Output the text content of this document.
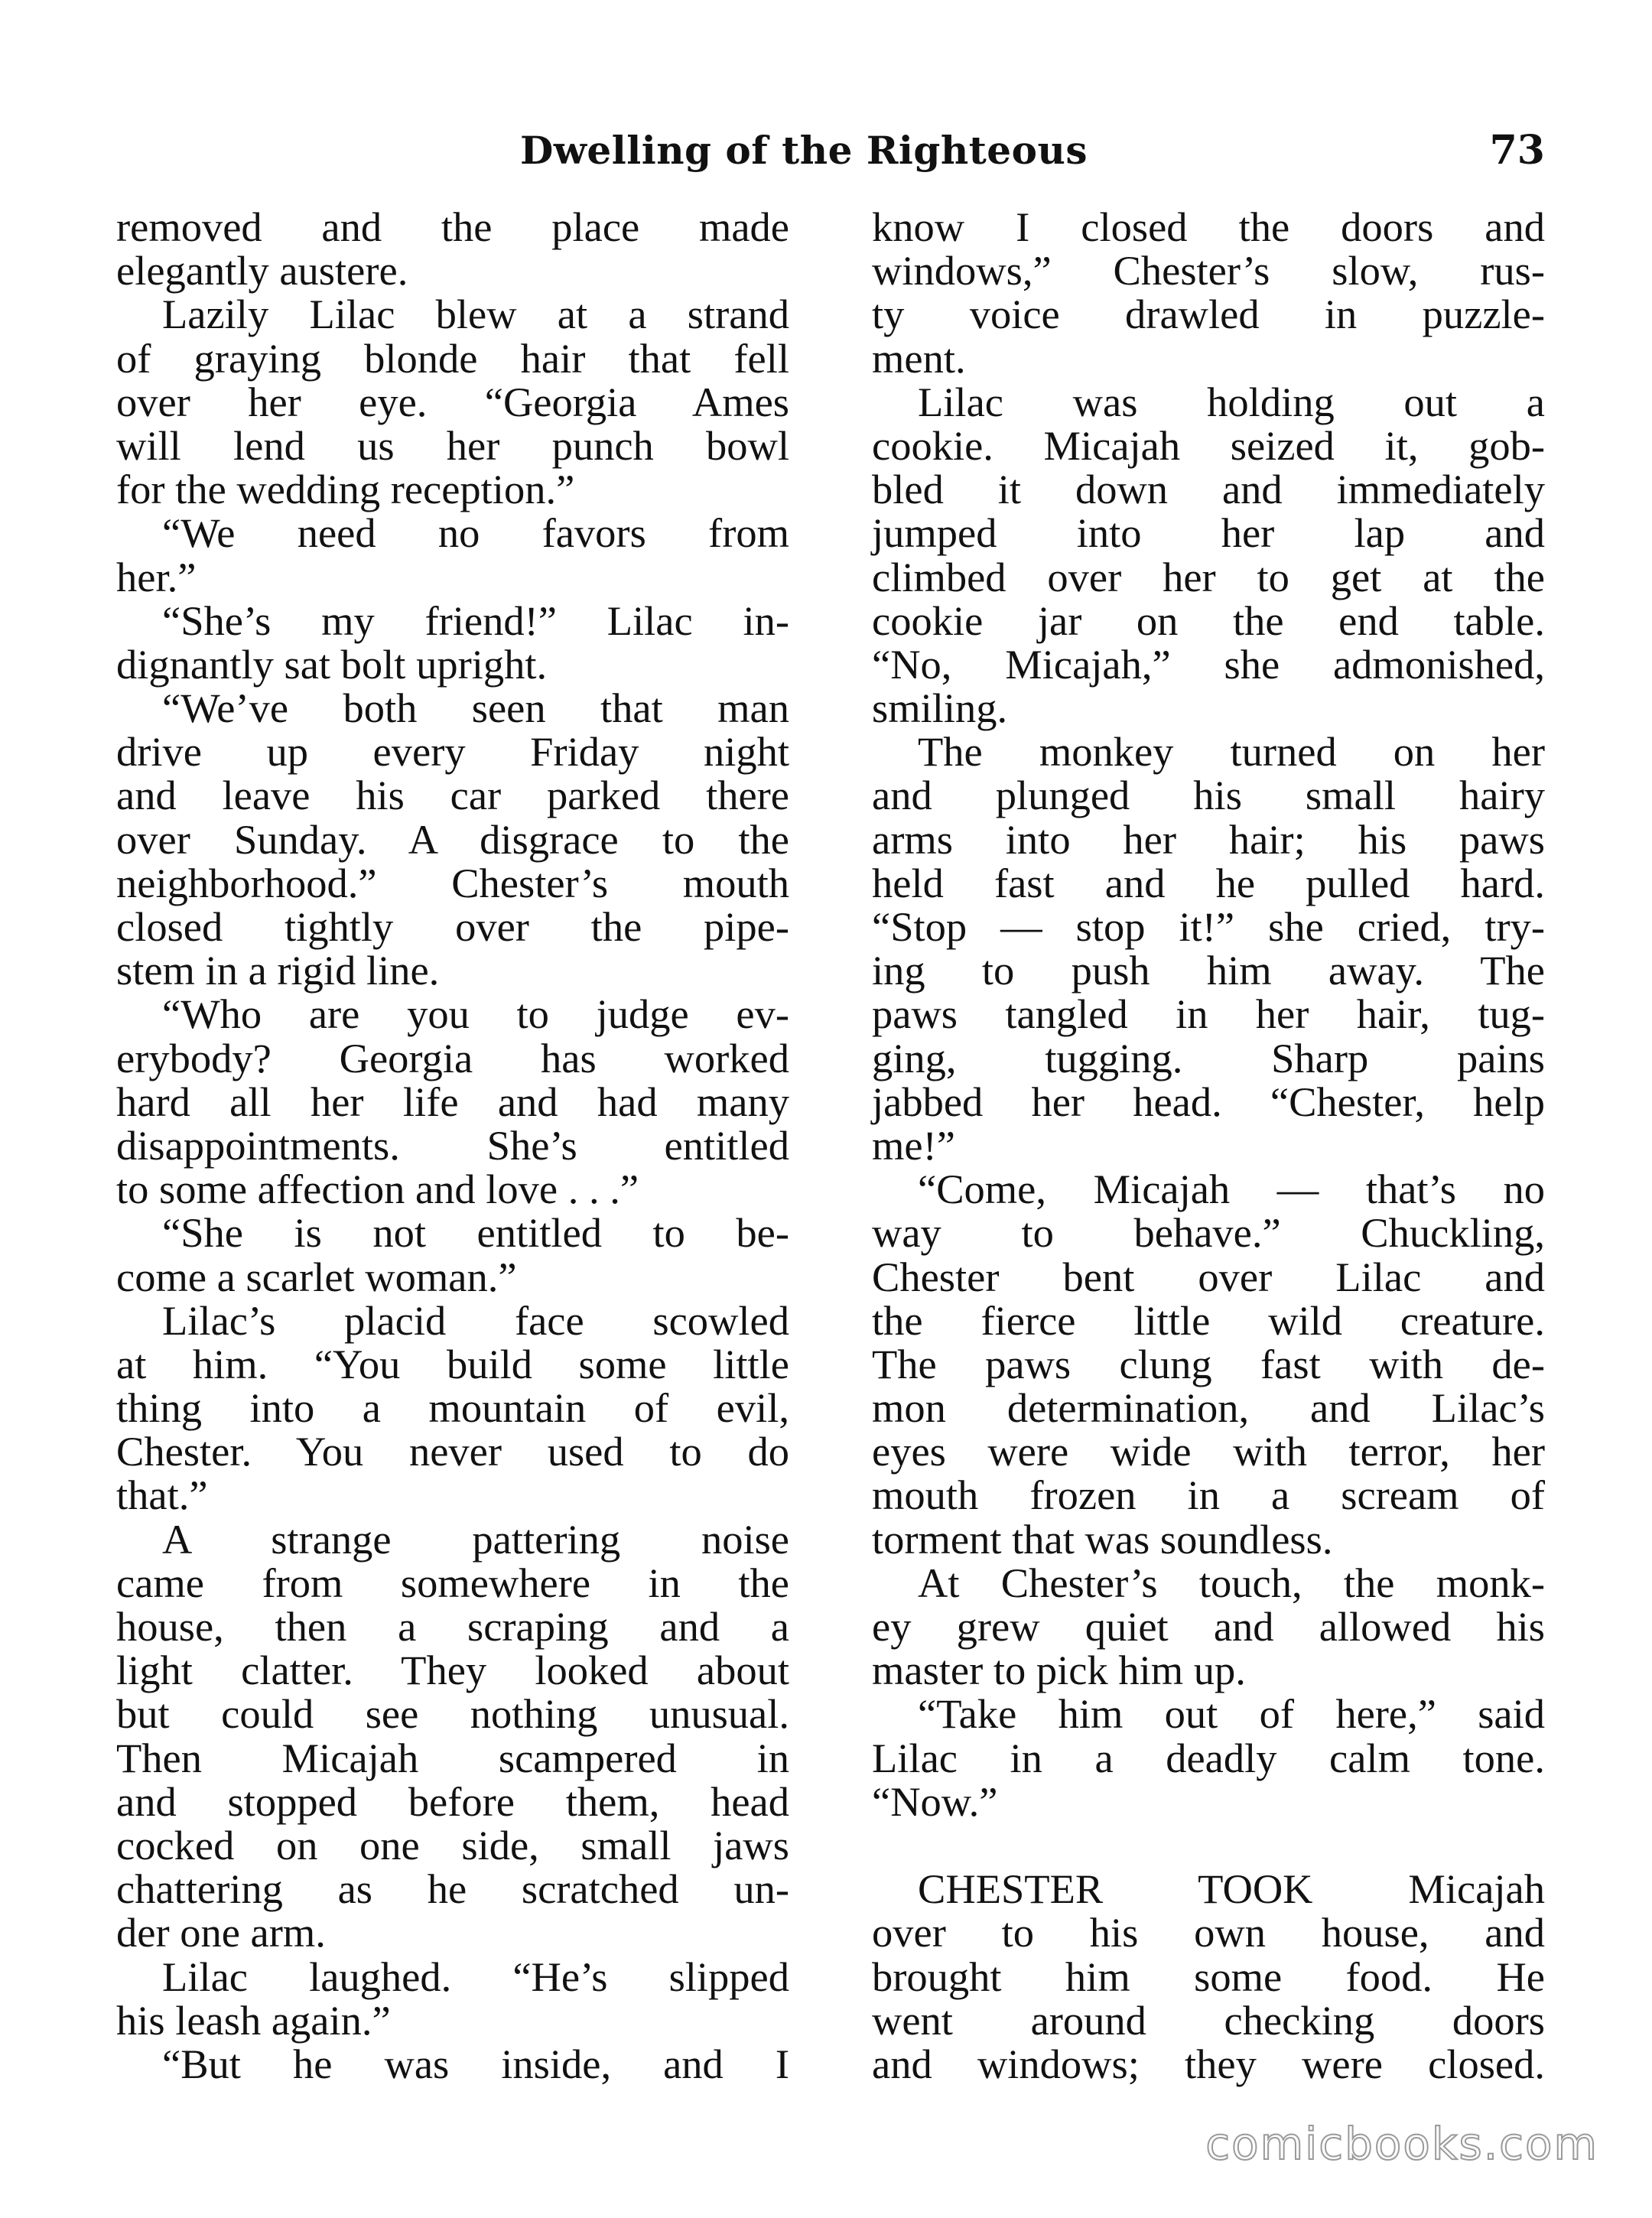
Dwelling of the Righteous	73
removed and the place made
elegantly austere.
Lazily Lilac blew at a strand
of graying blonde hair that fell
over her eye. “Georgia Ames
will lend us her punch bowl
for the wedding reception.”
“We need no favors from
her.”
“She’s my friend!” Lilac in-
dignantly sat bolt upright.
“We’ve both seen that man
drive up every Friday night
and leave his car parked there
over Sunday. A disgrace to the
neighborhood.” Chester’s mouth
closed tightly over the pipe-
stem in a rigid line.
“Who are you to judge ev-
erybody? Georgia has worked
hard all her life and had many
disappointments. She’s entitled
to some affection and love . . .”
“She is not entitled to be-
come a scarlet woman.”
Lilac’s placid face scowled
at him. “You build some little
thing into a mountain of evil,
Chester. You never used to do
that.”
A strange pattering noise
came from somewhere in the
house, then a scraping and a
light clatter. They looked about
but could see nothing unusual.
Then Micajah scampered in
and stopped before them, head
cocked on one side, small jaws
chattering as he scratched un-
der one arm.
Lilac laughed. “He’s slipped
his leash again.”
“But he was inside, and I
know I closed the doors and
windows,” Chester’s slow, rus-
ty voice drawled in puzzle-
ment.
Lilac was holding out a
cookie. Micajah seized it, gob-
bled it down and immediately
jumped into her lap and
climbed over her to get at the
cookie jar on the end table.
“No, Micajah,” she admonished,
smiling.
The monkey turned on her
and plunged his small hairy
arms into her hair; his paws
held fast and he pulled hard.
“Stop — stop it!” she cried, try-
ing to push him away. The
paws tangled in her hair, tug-
ging, tugging. Sharp pains
jabbed her head. “Chester, help
me!”
“Come, Micajah — that’s no
way to behave.” Chuckling,
Chester bent over Lilac and
the fierce little wild creature.
The paws clung fast with de-
mon determination, and Lilac’s
eyes were wide with terror, her
mouth frozen in a scream of
torment that was soundless.
At Chester’s touch, the monk-
ey grew quiet and allowed his
master to pick him up.
“Take him out of here,” said
Lilac in a deadly calm tone.
“Now.”
CHESTER TOOK Micajah
over to his own house, and
brought him some food. He
went around checking doors
and windows; they were closed.
comicbooks.com
